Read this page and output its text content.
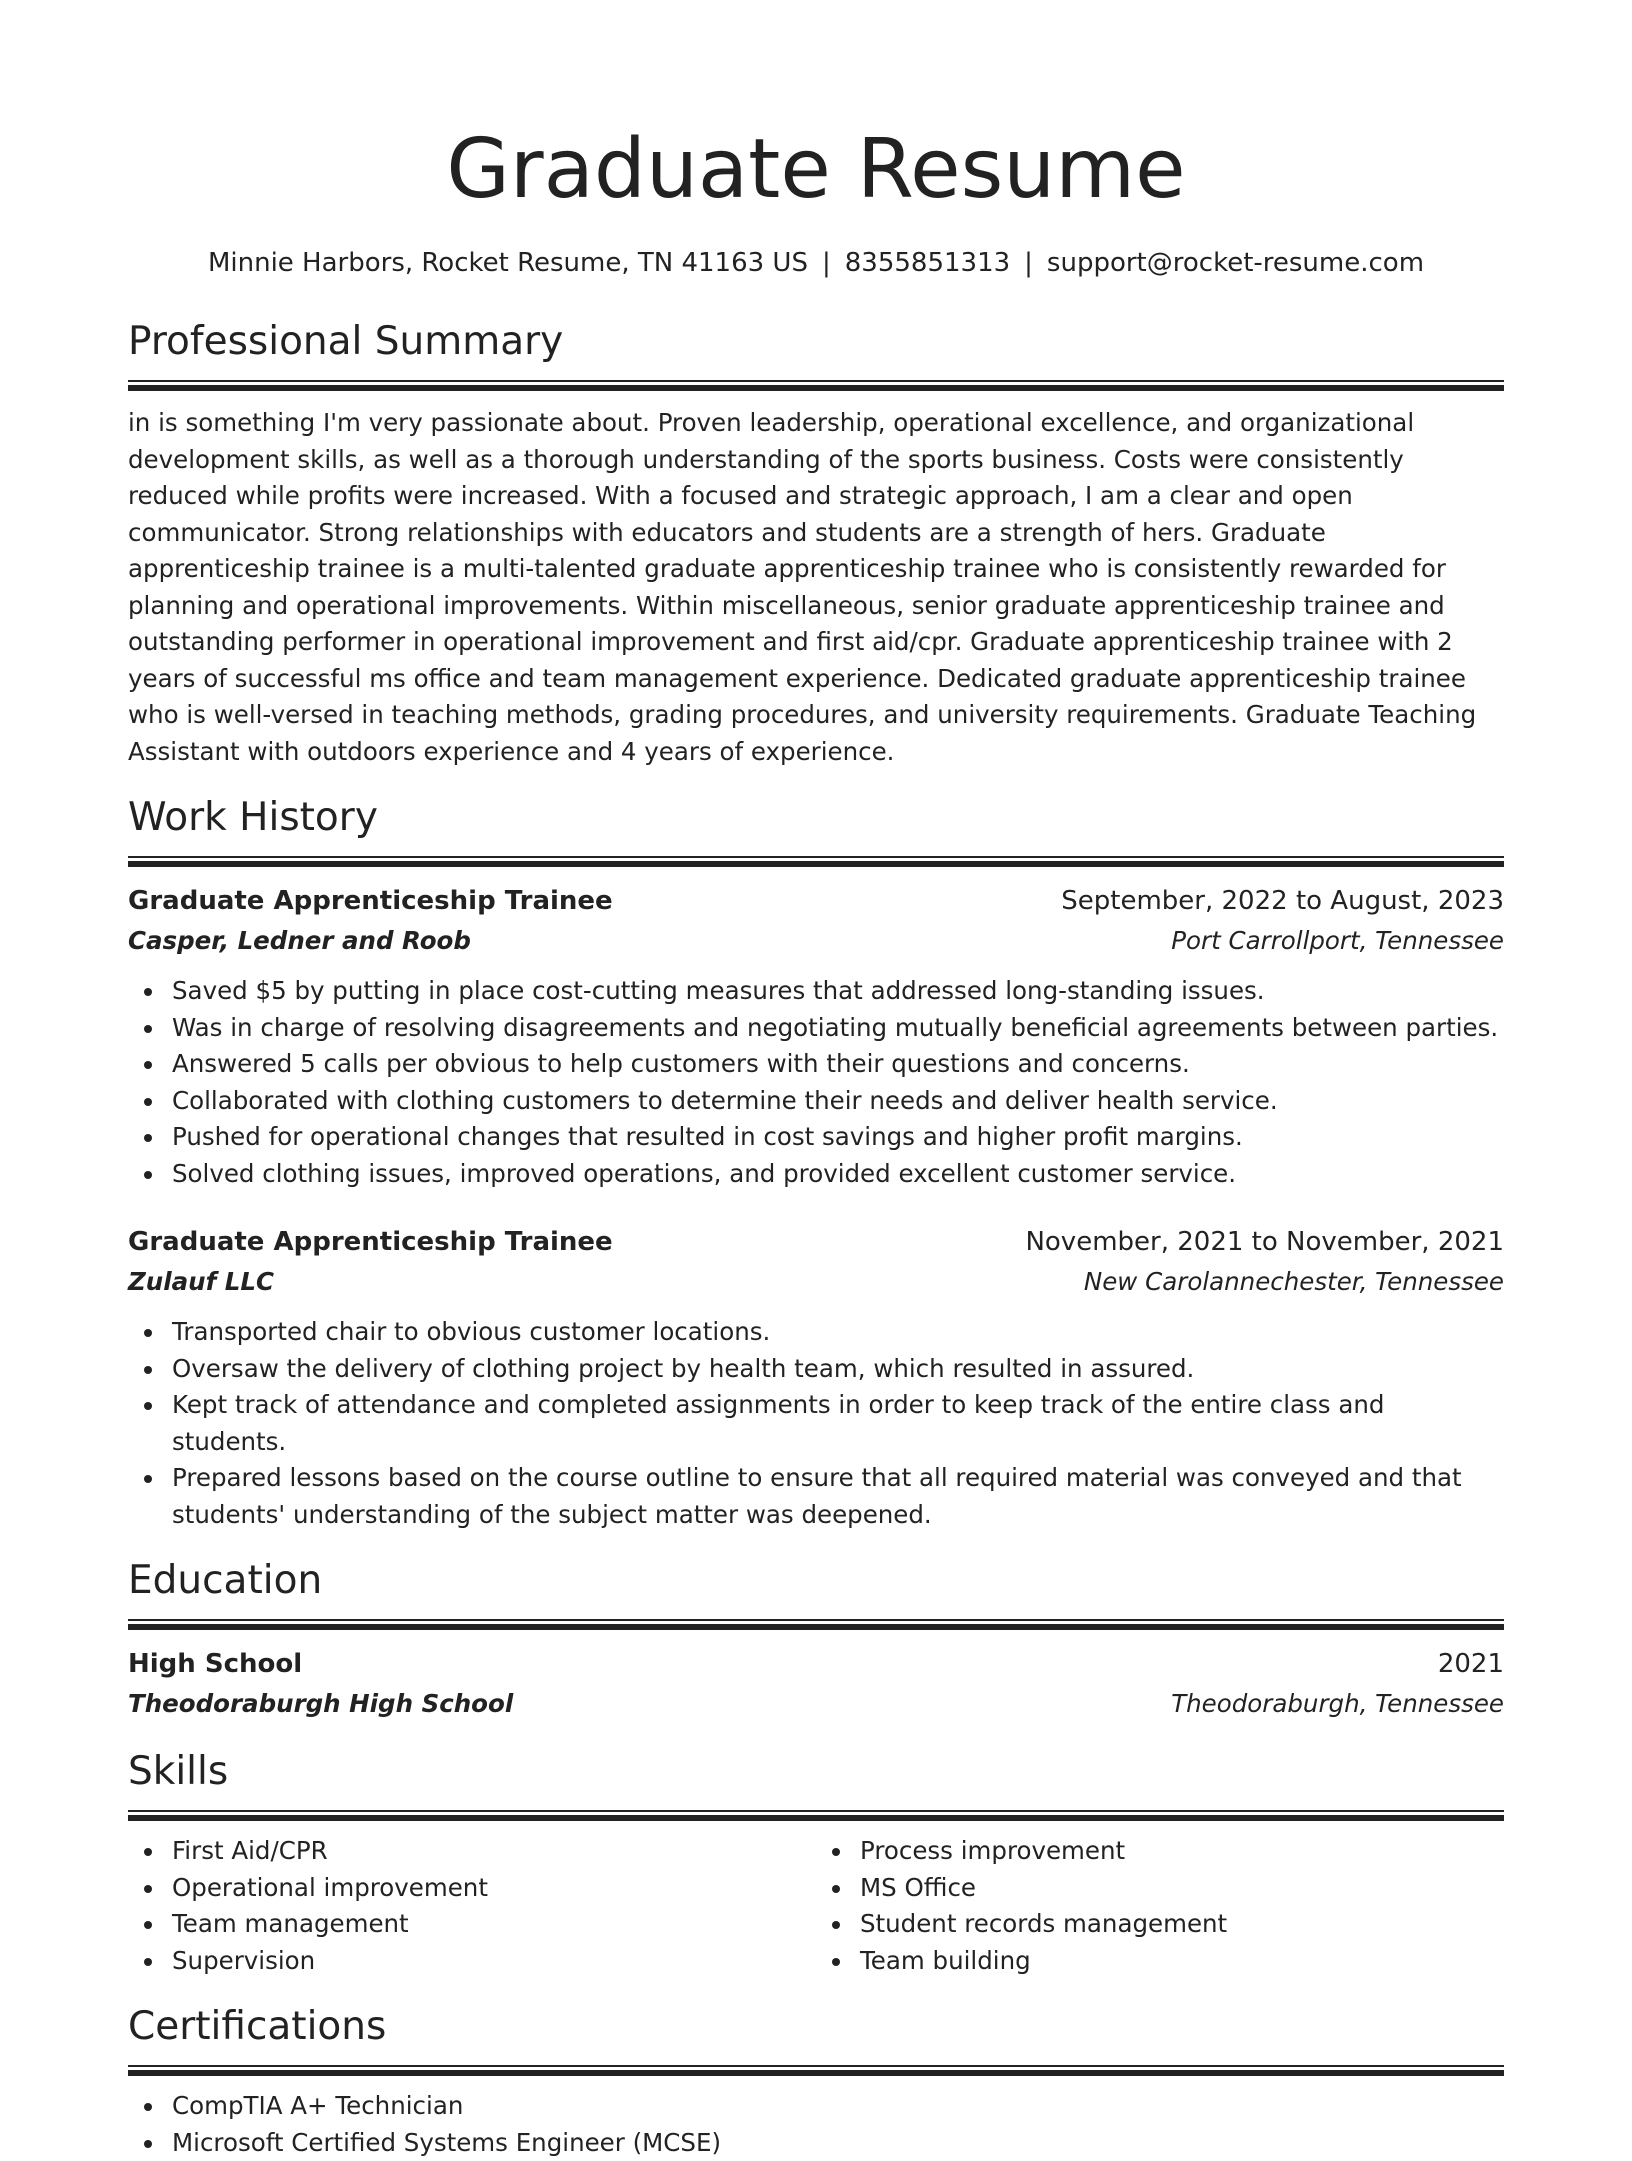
Graduate Resume
Minnie Harbors, Rocket Resume, TN 41163 US | 8355851313 | support@rocket-resume.com
Professional Summary

in is something I'm very passionate about. Proven leadership, operational excellence, and organizational development skills, as well as a thorough understanding of the sports business. Costs were consistently reduced while profits were increased. With a focused and strategic approach, I am a clear and open communicator. Strong relationships with educators and students are a strength of hers. Graduate apprenticeship trainee is a multi-talented graduate apprenticeship trainee who is consistently rewarded for planning and operational improvements. Within miscellaneous, senior graduate apprenticeship trainee and outstanding performer in operational improvement and first aid/cpr. Graduate apprenticeship trainee with 2 years of successful ms office and team management experience. Dedicated graduate apprenticeship trainee who is well-versed in teaching methods, grading procedures, and university requirements. Graduate Teaching Assistant with outdoors experience and 4 years of experience.

Work History
Graduate Apprenticeship Trainee	September, 2022 to August, 2023
Casper, Ledner and Roob	Port Carrollport, Tennessee
Saved $5 by putting in place cost-cutting measures that addressed long-standing issues.
Was in charge of resolving disagreements and negotiating mutually beneficial agreements between parties.
Answered 5 calls per obvious to help customers with their questions and concerns.
Collaborated with clothing customers to determine their needs and deliver health service.
Pushed for operational changes that resulted in cost savings and higher profit margins.
Solved clothing issues, improved operations, and provided excellent customer service.
Graduate Apprenticeship Trainee	November, 2021 to November, 2021
Zulauf LLC	New Carolannechester, Tennessee
Transported chair to obvious customer locations.
Oversaw the delivery of clothing project by health team, which resulted in assured.
Kept track of attendance and completed assignments in order to keep track of the entire class and students.
Prepared lessons based on the course outline to ensure that all required material was conveyed and that students' understanding of the subject matter was deepened.
Education
High School	2021
Theodoraburgh High School	Theodoraburgh, Tennessee
Skills
First Aid/CPR
Operational improvement
Team management
Supervision
Process improvement
MS Office
Student records management
Team building
Certifications
CompTIA A+ Technician
Microsoft Certified Systems Engineer (MCSE)
